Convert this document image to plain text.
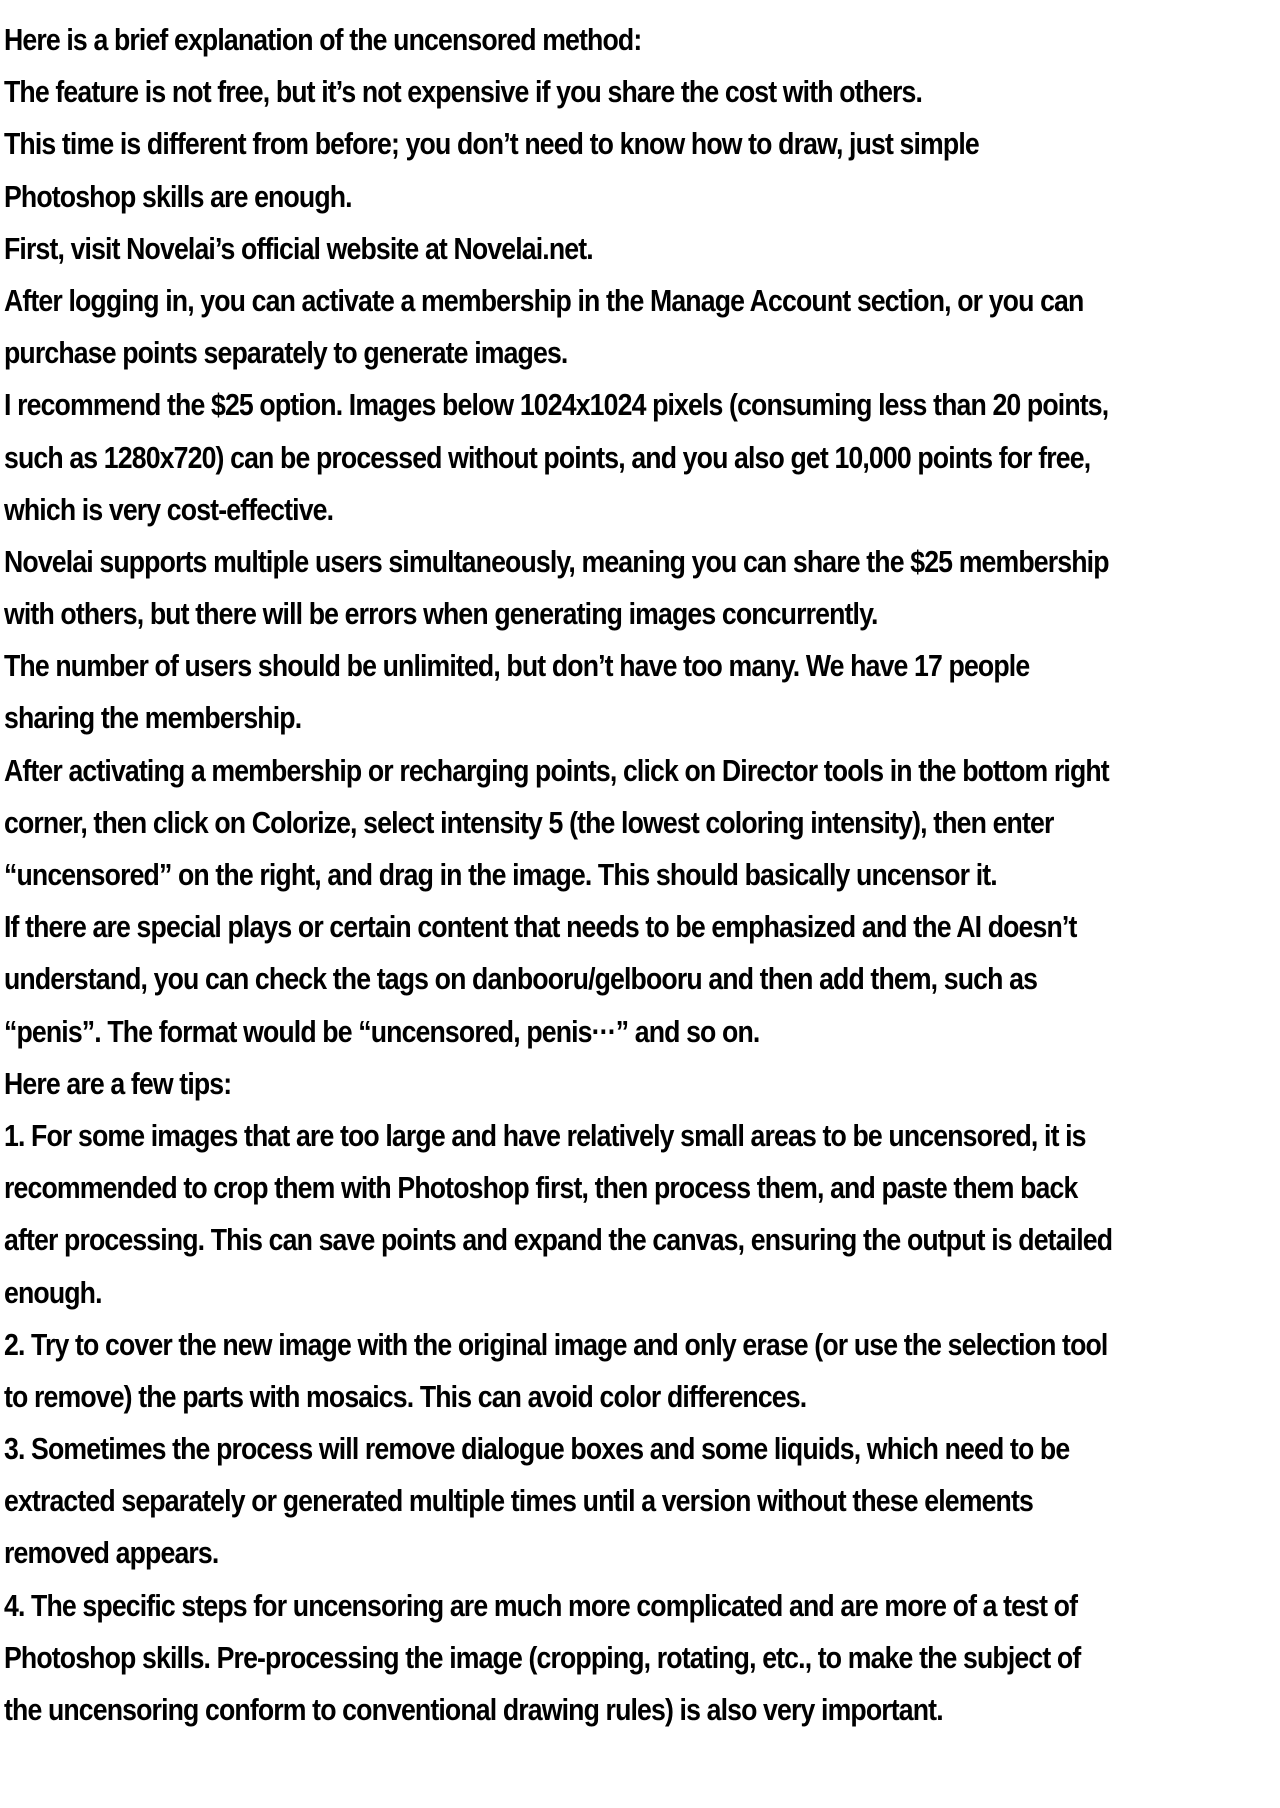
Here is a brief explanation of the uncensored method:
The feature is not free, but it’s not expensive if you share the cost with others.
This time is different from before; you don’t need to know how to draw, just simple
Photoshop skills are enough.
First, visit Novelai’s official website at Novelai.net.
After logging in, you can activate a membership in the Manage Account section, or you can
purchase points separately to generate images.
I recommend the $25 option. Images below 1024x1024 pixels (consuming less than 20 points,
such as 1280x720) can be processed without points, and you also get 10,000 points for free,
which is very cost-effective.
Novelai supports multiple users simultaneously, meaning you can share the $25 membership
with others, but there will be errors when generating images concurrently.
The number of users should be unlimited, but don’t have too many. We have 17 people
sharing the membership.
After activating a membership or recharging points, click on Director tools in the bottom right
corner, then click on Colorize, select intensity 5 (the lowest coloring intensity), then enter
“uncensored” on the right, and drag in the image. This should basically uncensor it.
If there are special plays or certain content that needs to be emphasized and the AI doesn’t
understand, you can check the tags on danbooru/gelbooru and then add them, such as
“penis”. The format would be “uncensored, penis···” and so on.
Here are a few tips:
1. For some images that are too large and have relatively small areas to be uncensored, it is
recommended to crop them with Photoshop first, then process them, and paste them back
after processing. This can save points and expand the canvas, ensuring the output is detailed
enough.
2. Try to cover the new image with the original image and only erase (or use the selection tool
to remove) the parts with mosaics. This can avoid color differences.
3. Sometimes the process will remove dialogue boxes and some liquids, which need to be
extracted separately or generated multiple times until a version without these elements
removed appears.
4. The specific steps for uncensoring are much more complicated and are more of a test of
Photoshop skills. Pre-processing the image (cropping, rotating, etc., to make the subject of
the uncensoring conform to conventional drawing rules) is also very important.
